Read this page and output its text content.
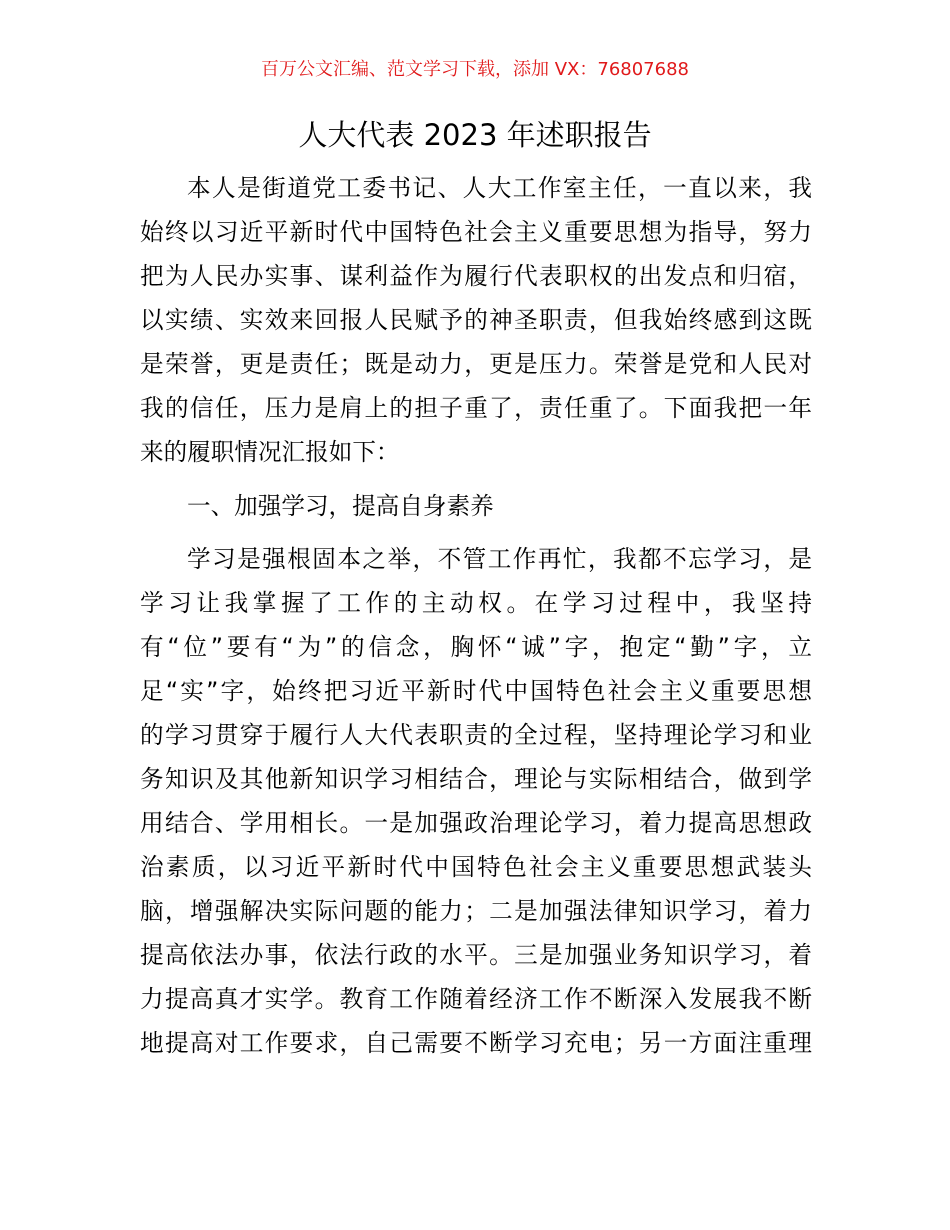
百万公文汇编、范文学习下载，添加 VX：76807688
人大代表 2023 年述职报告
本人是街道党工委书记、人大工作室主任，一直以来，我
始终以习近平新时代中国特色社会主义重要思想为指导，努力
把为人民办实事、谋利益作为履行代表职权的出发点和归宿，
以实绩、实效来回报人民赋予的神圣职责，但我始终感到这既
是荣誉，更是责任；既是动力，更是压力。荣誉是党和人民对
我的信任，压力是肩上的担子重了，责任重了。下面我把一年
来的履职情况汇报如下：
一、加强学习，提高自身素养
学习是强根固本之举，不管工作再忙，我都不忘学习，是
学习让我掌握了工作的主动权。在学习过程中，我坚持
有“位”要有“为”的信念，胸怀“诚”字，抱定“勤”字，立
足“实”字，始终把习近平新时代中国特色社会主义重要思想
的学习贯穿于履行人大代表职责的全过程，坚持理论学习和业
务知识及其他新知识学习相结合，理论与实际相结合，做到学
用结合、学用相长。一是加强政治理论学习，着力提高思想政
治素质，以习近平新时代中国特色社会主义重要思想武装头
脑，增强解决实际问题的能力；二是加强法律知识学习，着力
提高依法办事，依法行政的水平。三是加强业务知识学习，着
力提高真才实学。教育工作随着经济工作不断深入发展我不断
地提高对工作要求，自己需要不断学习充电；另一方面注重理
